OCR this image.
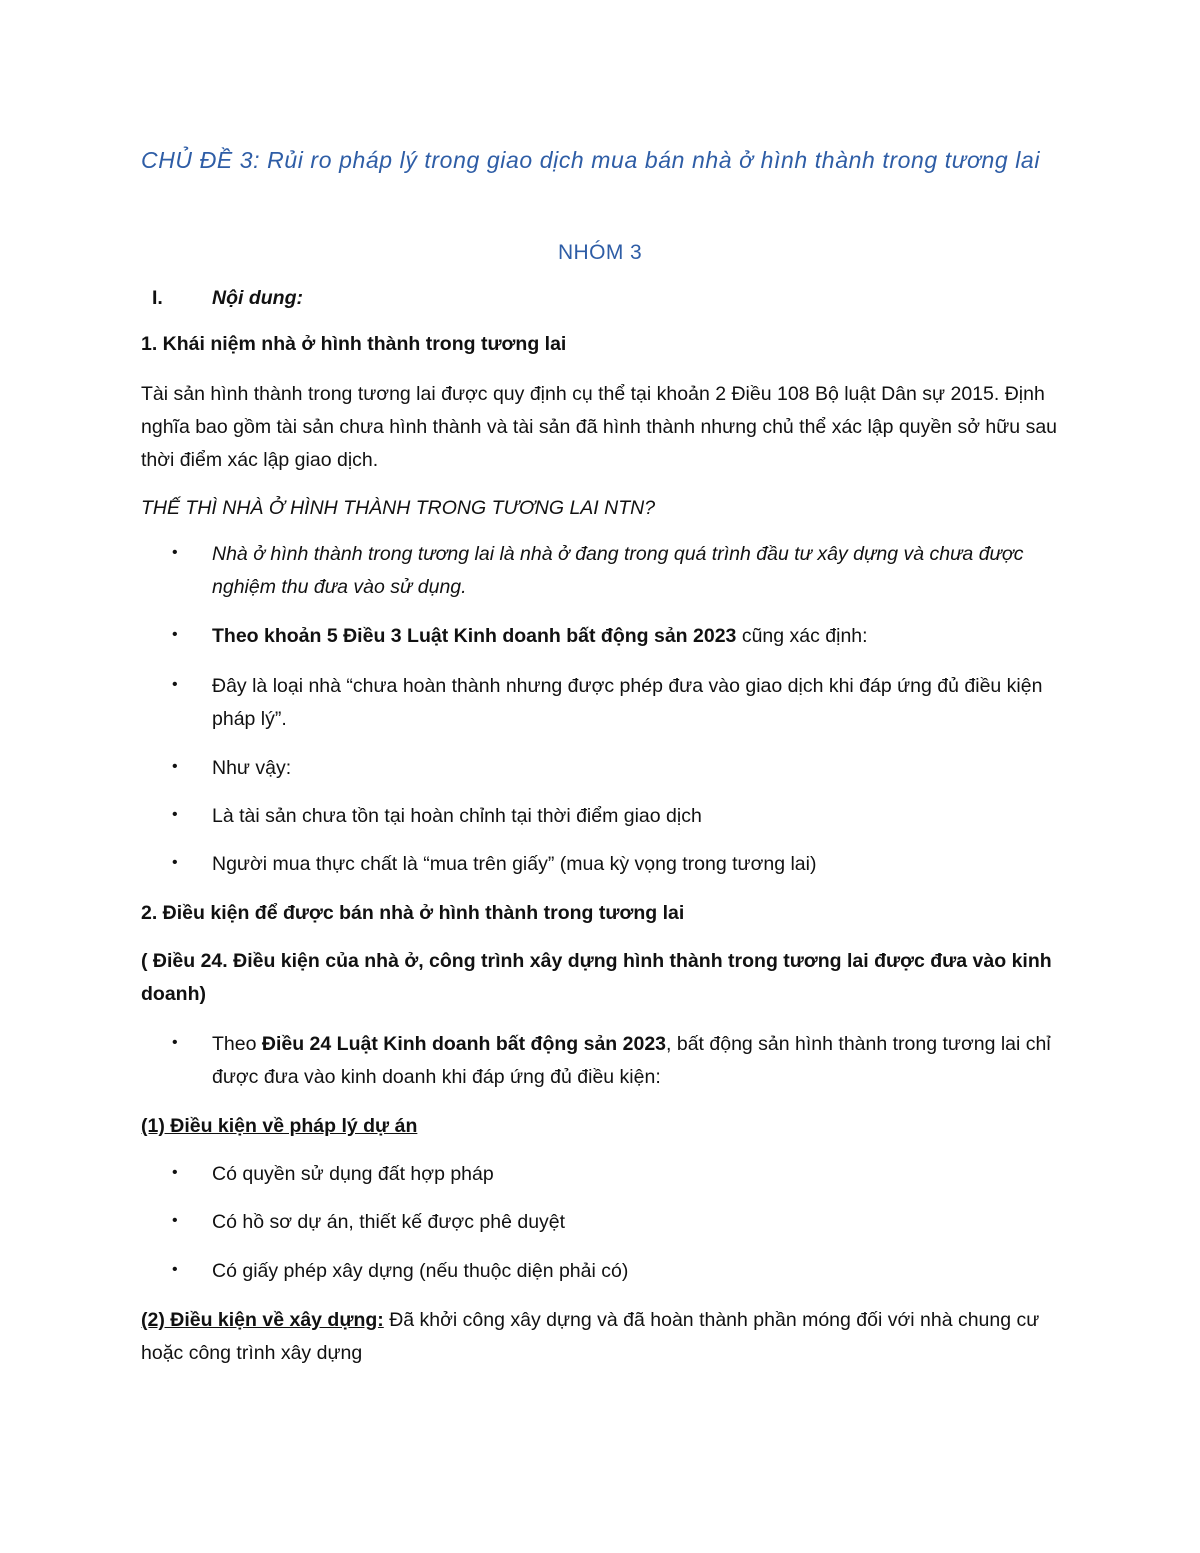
CHỦ ĐỀ 3: Rủi ro pháp lý trong giao dịch mua bán nhà ở hình thành trong tương lai

NHÓM 3

I.	Nội dung:
1. Khái niệm nhà ở hình thành trong tương lai

Tài sản hình thành trong tương lai được quy định cụ thể tại khoản 2 Điều 108 Bộ luật Dân sự 2015. Định nghĩa bao gồm tài sản chưa hình thành và tài sản đã hình thành nhưng chủ thể xác lập quyền sở hữu sau thời điểm xác lập giao dịch.

THẾ THÌ NHÀ Ở HÌNH THÀNH TRONG TƯƠNG LAI NTN?
• Nhà ở hình thành trong tương lai là nhà ở đang trong quá trình đầu tư xây dựng và chưa được nghiệm thu đưa vào sử dụng.

• Theo khoản 5 Điều 3 Luật Kinh doanh bất động sản 2023 cũng xác định:
• Đây là loại nhà “chưa hoàn thành nhưng được phép đưa vào giao dịch khi đáp ứng đủ điều kiện pháp lý”.

• Như vậy:
• Là tài sản chưa tồn tại hoàn chỉnh tại thời điểm giao dịch
• Người mua thực chất là “mua trên giấy” (mua kỳ vọng trong tương lai)
2. Điều kiện để được bán nhà ở hình thành trong tương lai

( Điều 24. Điều kiện của nhà ở, công trình xây dựng hình thành trong tương lai được đưa vào kinh doanh)

• Theo Điều 24 Luật Kinh doanh bất động sản 2023, bất động sản hình thành trong tương lai chỉ được đưa vào kinh doanh khi đáp ứng đủ điều kiện:

(1) Điều kiện về pháp lý dự án
• Có quyền sử dụng đất hợp pháp
• Có hồ sơ dự án, thiết kế được phê duyệt
• Có giấy phép xây dựng (nếu thuộc diện phải có)

(2) Điều kiện về xây dựng: Đã khởi công xây dựng và đã hoàn thành phần móng đối với nhà chung cư hoặc công trình xây dựng
